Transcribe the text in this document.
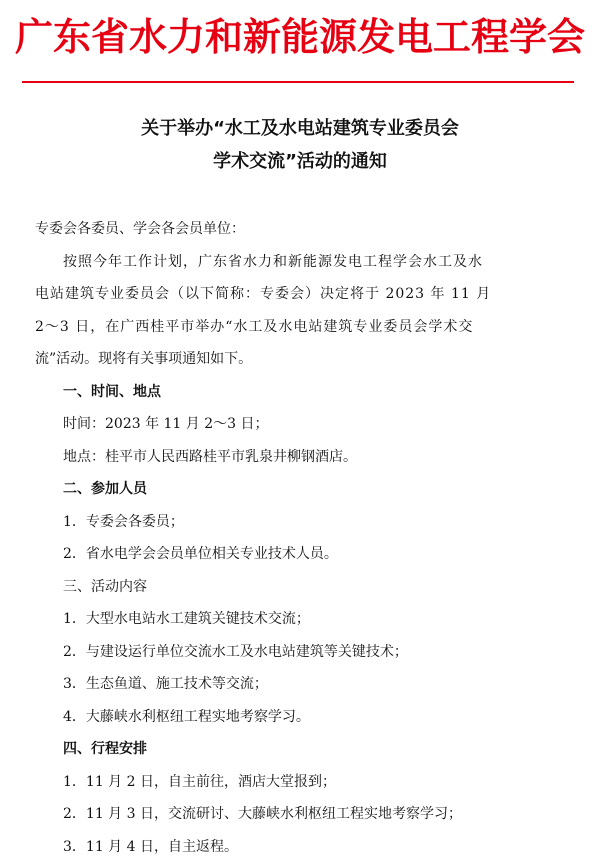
广东省水力和新能源发电工程学会
关于举办“水工及水电站建筑专业委员会
学术交流”活动的通知

专委会各委员、学会各会员单位：

按照今年工作计划，广东省水力和新能源发电工程学会水工及水

电站建筑专业委员会（以下简称：专委会）决定将于 2023 年 11 月

2～3 日，在广西桂平市举办“水工及水电站建筑专业委员会学术交

流”活动。现将有关事项通知如下。

一、时间、地点

时间：2023 年 11 月 2～3 日；

地点：桂平市人民西路桂平市乳泉井柳钢酒店。

二、参加人员

1．专委会各委员；

2．省水电学会会员单位相关专业技术人员。

三、活动内容

1．大型水电站水工建筑关键技术交流；

2．与建设运行单位交流水工及水电站建筑等关键技术；

3．生态鱼道、施工技术等交流；

4．大藤峡水利枢纽工程实地考察学习。

四、行程安排

1．11 月 2 日，自主前往，酒店大堂报到；

2．11 月 3 日，交流研讨、大藤峡水利枢纽工程实地考察学习；

3．11 月 4 日，自主返程。
